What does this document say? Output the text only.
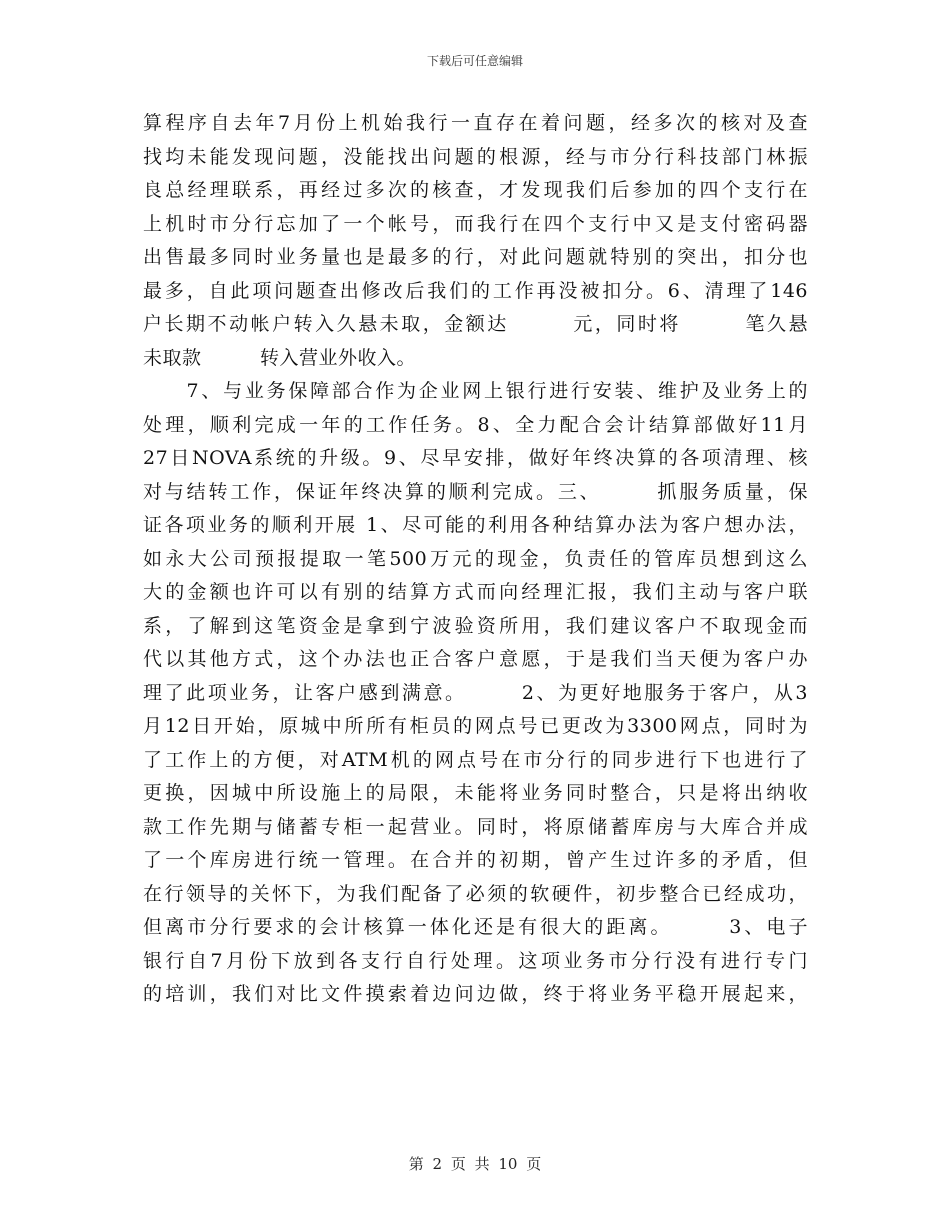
下载后可任意编辑
算程序自去年7月份上机始我行一直存在着问题，经多次的核对及查
找均未能发现问题，没能找出问题的根源，经与市分行科技部门林振
良总经理联系，再经过多次的核查，才发现我们后参加的四个支行在
上机时市分行忘加了一个帐号，而我行在四个支行中又是支付密码器
出售最多同时业务量也是最多的行，对此问题就特别的突出，扣分也
最多，自此项问题查出修改后我们的工作再没被扣分。6、清理了146
户长期不动帐户转入久悬未取，金额达　　　元，同时将　　　笔久悬
未取款　　　转入营业外收入。
　　7、与业务保障部合作为企业网上银行进行安装、维护及业务上的
处理，顺利完成一年的工作任务。8、全力配合会计结算部做好11月
27日NOVA系统的升级。9、尽早安排，做好年终决算的各项清理、核
对与结转工作，保证年终决算的顺利完成。三、　　　抓服务质量，保
证各项业务的顺利开展 1、尽可能的利用各种结算办法为客户想办法，
如永大公司预报提取一笔500万元的现金，负责任的管库员想到这么
大的金额也许可以有别的结算方式而向经理汇报，我们主动与客户联
系，了解到这笔资金是拿到宁波验资所用，我们建议客户不取现金而
代以其他方式，这个办法也正合客户意愿，于是我们当天便为客户办
理了此项业务，让客户感到满意。　　　2、为更好地服务于客户，从3
月12日开始，原城中所所有柜员的网点号已更改为3300网点，同时为
了工作上的方便，对ATM机的网点号在市分行的同步进行下也进行了
更换，因城中所设施上的局限，未能将业务同时整合，只是将出纳收
款工作先期与储蓄专柜一起营业。同时，将原储蓄库房与大库合并成
了一个库房进行统一管理。在合并的初期，曾产生过许多的矛盾，但
在行领导的关怀下，为我们配备了必须的软硬件，初步整合已经成功，
但离市分行要求的会计核算一体化还是有很大的距离。　　　3、电子
银行自7月份下放到各支行自行处理。这项业务市分行没有进行专门
的培训，我们对比文件摸索着边问边做，终于将业务平稳开展起来，
第 2 页 共 10 页
